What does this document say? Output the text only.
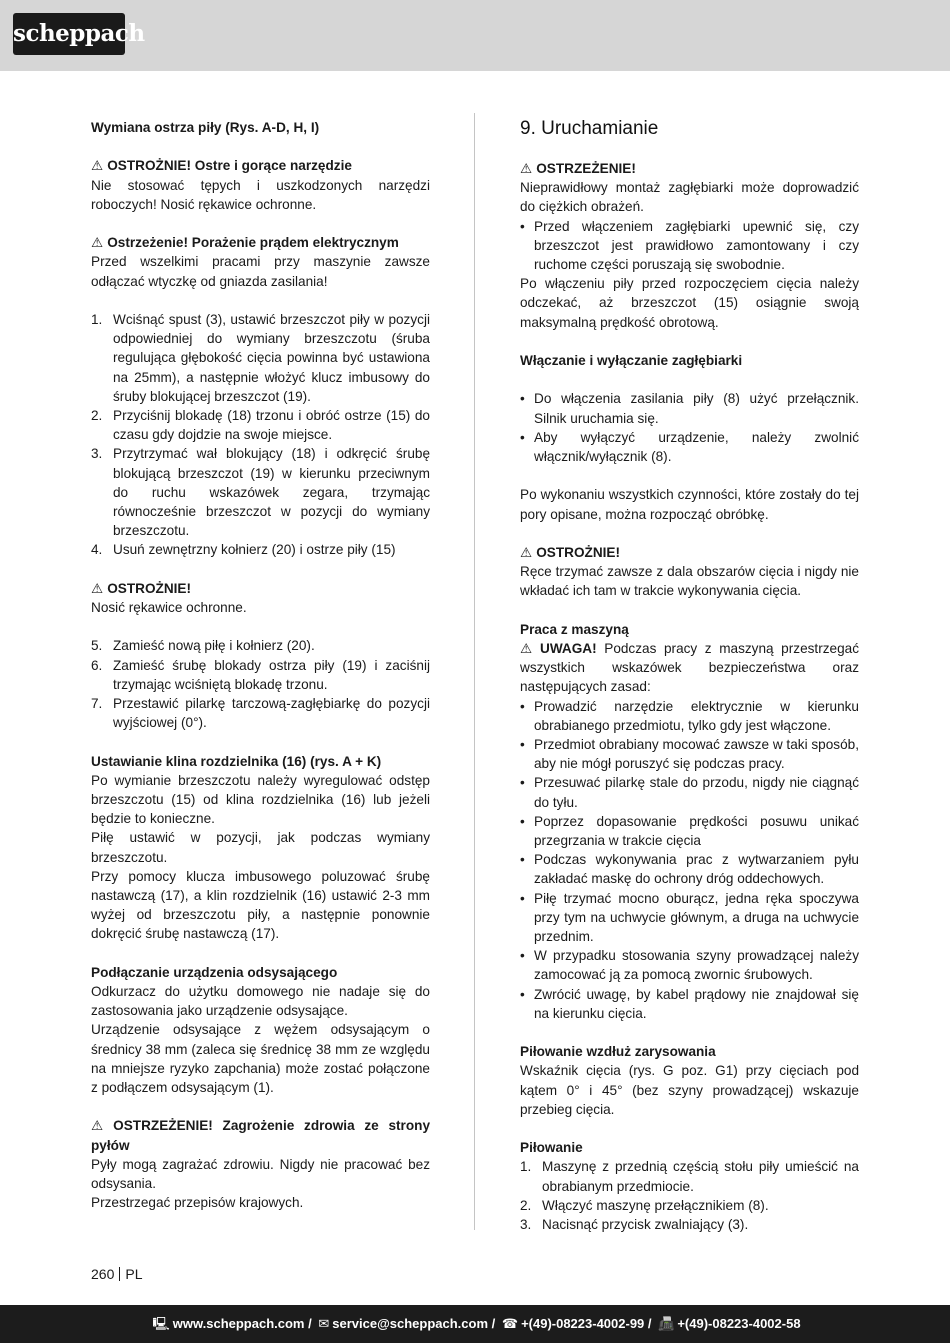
scheppach

Wymiana ostrza piły (Rys. A-D, H, I)

⚠ OSTROŻNIE! Ostre i gorące narzędzie

Nie stosować tępych i uszkodzonych narzędzi roboczych! Nosić rękawice ochronne.

⚠ Ostrzeżenie! Porażenie prądem elektrycznym

Przed wszelkimi pracami przy maszynie zawsze odłączać wtyczkę od gniazda zasilania!

1. Wciśnąć spust (3), ustawić brzeszczot piły w pozycji odpowiedniej do wymiany brzeszczotu (śruba regulująca głębokość cięcia powinna być ustawiona na 25mm), a następnie włożyć klucz imbusowy do śruby blokującej brzeszczot (19).
2. Przyciśnij blokadę (18) trzonu i obróć ostrze (15) do czasu gdy dojdzie na swoje miejsce.
3. Przytrzymać wał blokujący (18) i odkręcić śrubę blokującą brzeszczot (19) w kierunku przeciwnym do ruchu wskazówek zegara, trzymając równocześnie brzeszczot w pozycji do wymiany brzeszczotu.
4. Usuń zewnętrzny kołnierz (20) i ostrze piły (15)

⚠ OSTROŻNIE!

Nosić rękawice ochronne.

5. Zamieść nową piłę i kołnierz (20).
6. Zamieść śrubę blokady ostrza piły (19) i zaciśnij trzymając wciśniętą blokadę trzonu.
7. Przestawić pilarkę tarczową-zagłębiarkę do pozycji wyjściowej (0°).

Ustawianie klina rozdzielnika (16) (rys. A + K)

Po wymianie brzeszczotu należy wyregulować odstęp brzeszczotu (15) od klina rozdzielnika (16) lub jeżeli będzie to konieczne.

Piłę ustawić w pozycji, jak podczas wymiany brzeszczotu.

Przy pomocy klucza imbusowego poluzować śrubę nastawczą (17), a klin rozdzielnik (16) ustawić 2-3 mm wyżej od brzeszczotu piły, a następnie ponownie dokręcić śrubę nastawczą (17).

Podłączanie urządzenia odsysającego

Odkurzacz do użytku domowego nie nadaje się do zastosowania jako urządzenie odsysające.

Urządzenie odsysające z wężem odsysającym o średnicy 38 mm (zaleca się średnicę 38 mm ze względu na mniejsze ryzyko zapchania) może zostać połączone z podłączem odsysającym (1).

⚠ OSTRZEŻENIE! Zagrożenie zdrowia ze strony pyłów

Pyły mogą zagrażać zdrowiu. Nigdy nie pracować bez odsysania.

Przestrzegać przepisów krajowych.

9. Uruchamianie

⚠ OSTRZEŻENIE!

Nieprawidłowy montaż zagłębiarki może doprowadzić do ciężkich obrażeń.

• Przed włączeniem zagłębiarki upewnić się, czy brzeszczot jest prawidłowo zamontowany i czy ruchome części poruszają się swobodnie.

Po włączeniu piły przed rozpoczęciem cięcia należy odczekać, aż brzeszczot (15) osiągnie swoją maksymalną prędkość obrotową.

Włączanie i wyłączanie zagłębiarki

• Do włączenia zasilania piły (8) użyć przełącznik. Silnik uruchamia się.
• Aby wyłączyć urządzenie, należy zwolnić włącznik/wyłącznik (8).

Po wykonaniu wszystkich czynności, które zostały do tej pory opisane, można rozpocząć obróbkę.

⚠ OSTROŻNIE!

Ręce trzymać zawsze z dala obszarów cięcia i nigdy nie wkładać ich tam w trakcie wykonywania cięcia.

Praca z maszyną

⚠ UWAGA! Podczas pracy z maszyną przestrzegać wszystkich wskazówek bezpieczeństwa oraz następujących zasad:

• Prowadzić narzędzie elektrycznie w kierunku obrabianego przedmiotu, tylko gdy jest włączone.
• Przedmiot obrabiany mocować zawsze w taki sposób, aby nie mógł poruszyć się podczas pracy.
• Przesuwać pilarkę stale do przodu, nigdy nie ciągnąć do tyłu.
• Poprzez dopasowanie prędkości posuwu unikać przegrzania w trakcie cięcia
• Podczas wykonywania prac z wytwarzaniem pyłu zakładać maskę do ochrony dróg oddechowych.
• Piłę trzymać mocno oburącz, jedna ręka spoczywa przy tym na uchwycie głównym, a druga na uchwycie przednim.
• W przypadku stosowania szyny prowadzącej należy zamocować ją za pomocą zwornic śrubowych.
• Zwrócić uwagę, by kabel prądowy nie znajdował się na kierunku cięcia.

Piłowanie wzdłuż zarysowania

Wskaźnik cięcia (rys. G poz. G1) przy cięciach pod kątem 0° i 45° (bez szyny prowadzącej) wskazuje przebieg cięcia.

Piłowanie

1. Maszynę z przednią częścią stołu piły umieścić na obrabianym przedmiocie.
2. Włączyć maszynę przełącznikiem (8).
3. Nacisnąć przycisk zwalniający (3).
260 PL
🖳 www.scheppach.com / ✉ service@scheppach.com / ☎ +(49)-08223-4002-99 / 📠 +(49)-08223-4002-58
